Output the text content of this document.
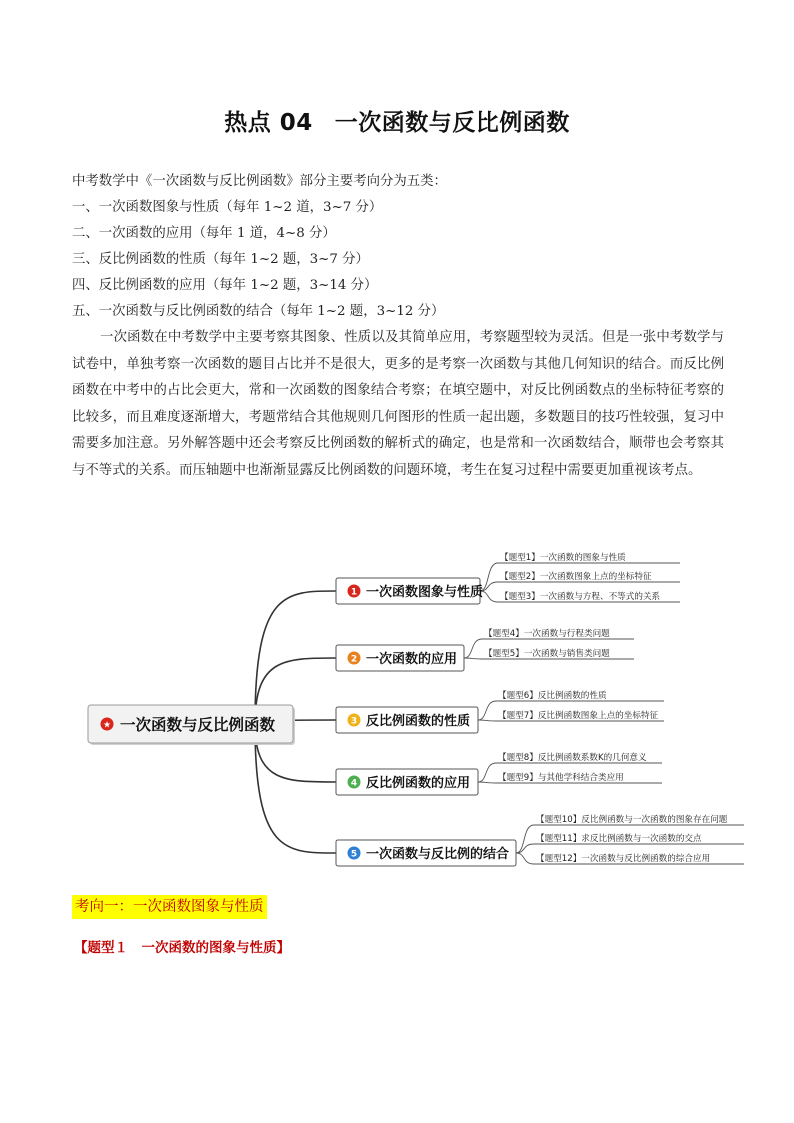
热点 04 一次函数与反比例函数
中考数学中《一次函数与反比例函数》部分主要考向分为五类：
一、一次函数图象与性质（每年 1~2 道，3~7 分）
二、一次函数的应用（每年 1 道，4~8 分）
三、反比例函数的性质（每年 1~2 题，3~7 分）
四、反比例函数的应用（每年 1~2 题，3~14 分）
五、一次函数与反比例函数的结合（每年 1~2 题，3~12 分）

一次函数在中考数学中主要考察其图象、性质以及其简单应用，考察题型较为灵活。但是一张中考数学与试卷中，单独考察一次函数的题目占比并不是很大，更多的是考察一次函数与其他几何知识的结合。而反比例函数在中考中的占比会更大，常和一次函数的图象结合考察；在填空题中，对反比例函数点的坐标特征考察的比较多，而且难度逐渐增大，考题常结合其他规则几何图形的性质一起出题，多数题目的技巧性较强，复习中需要多加注意。另外解答题中还会考察反比例函数的解析式的确定，也是常和一次函数结合，顺带也会考察其与不等式的关系。而压轴题中也渐渐显露反比例函数的问题环境，考生在复习过程中需要更加重视该考点。

1 一次函数图象与性质
【题型1】一次函数的图象与性质
【题型2】一次函数图象上点的坐标特征
【题型3】一次函数与方程、不等式的关系
2 一次函数的应用
【题型4】一次函数与行程类问题
【题型5】一次函数与销售类问题
3 反比例函数的性质
【题型6】反比例函数的性质
【题型7】反比例函数图象上点的坐标特征
4 反比例函数的应用
【题型8】反比例函数系数K的几何意义
【题型9】与其他学科结合类应用
5 一次函数与反比例的结合
【题型10】反比例函数与一次函数的图象存在问题
【题型11】求反比例函数与一次函数的交点
【题型12】一次函数与反比例函数的综合应用
★ 一次函数与反比例函数
考向一：一次函数图象与性质
【题型１　一次函数的图象与性质】
